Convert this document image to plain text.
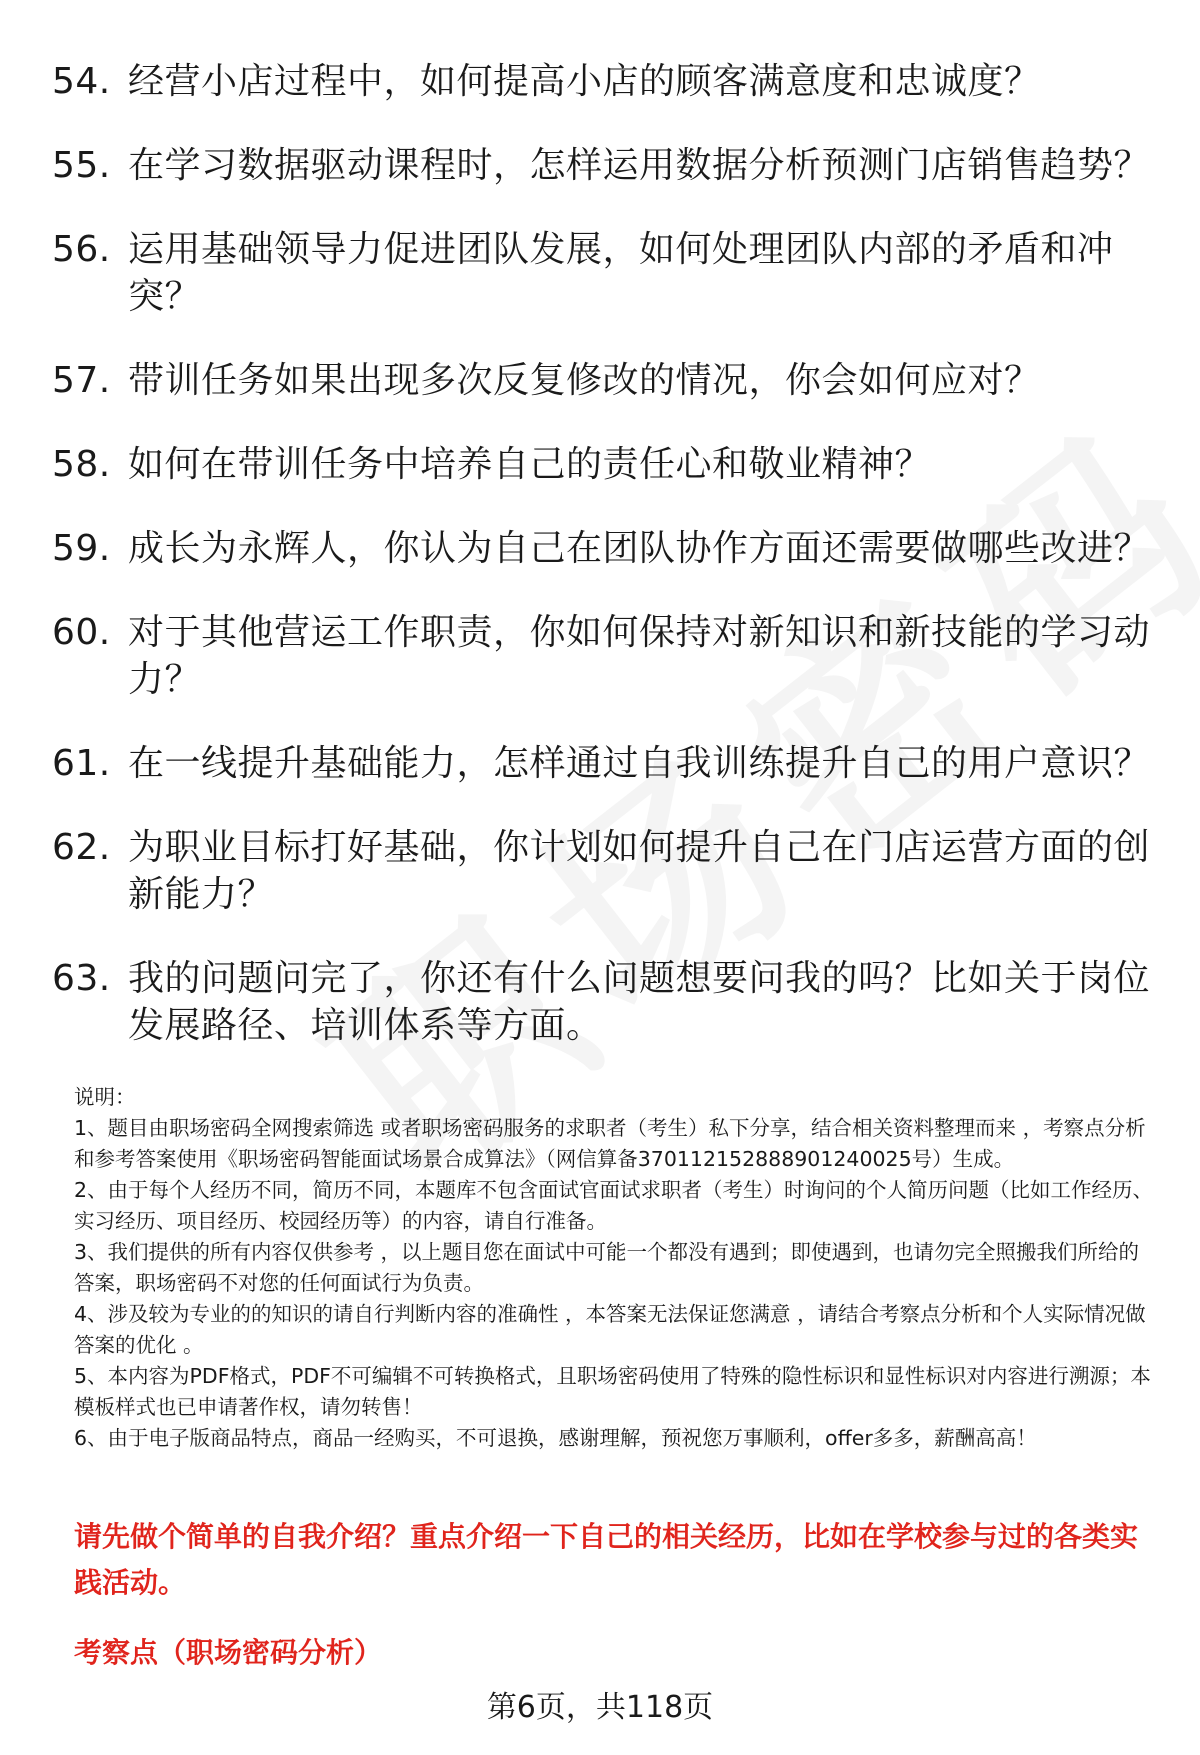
54. 经营小店过程中，如何提高小店的顾客满意度和忠诚度？
55. 在学习数据驱动课程时，怎样运用数据分析预测门店销售趋势？
56. 运用基础领导力促进团队发展，如何处理团队内部的矛盾和冲突？
57. 带训任务如果出现多次反复修改的情况，你会如何应对？
58. 如何在带训任务中培养自己的责任心和敬业精神？
59. 成长为永辉人，你认为自己在团队协作方面还需要做哪些改进？
60. 对于其他营运工作职责，你如何保持对新知识和新技能的学习动力？
61. 在一线提升基础能力，怎样通过自我训练提升自己的用户意识？
62. 为职业目标打好基础，你计划如何提升自己在门店运营方面的创新能力？
63. 我的问题问完了，你还有什么问题想要问我的吗？比如关于岗位发展路径、培训体系等方面。
说明：
1、题目由职场密码全网搜索筛选 或者职场密码服务的求职者（考生）私下分享，结合相关资料整理而来 ，考察点分析和参考答案使用《职场密码智能面试场景合成算法》（网信算备370112152888901240025号）生成。
2、由于每个人经历不同，简历不同，本题库不包含面试官面试求职者（考生）时询问的个人简历问题（比如工作经历、实习经历、项目经历、校园经历等）的内容，请自行准备。
3、我们提供的所有内容仅供参考 ，以上题目您在面试中可能一个都没有遇到；即使遇到，也请勿完全照搬我们所给的答案，职场密码不对您的任何面试行为负责。
4、涉及较为专业的的知识的请自行判断内容的准确性 ，本答案无法保证您满意 ，请结合考察点分析和个人实际情况做答案的优化 。
5、本内容为PDF格式，PDF不可编辑不可转换格式，且职场密码使用了特殊的隐性标识和显性标识对内容进行溯源；本模板样式也已申请著作权，请勿转售！
6、由于电子版商品特点，商品一经购买，不可退换，感谢理解，预祝您万事顺利，offer多多，薪酬高高！
请先做个简单的自我介绍？重点介绍一下自己的相关经历，比如在学校参与过的各类实践活动。
考察点（职场密码分析）
第6页，共118页
